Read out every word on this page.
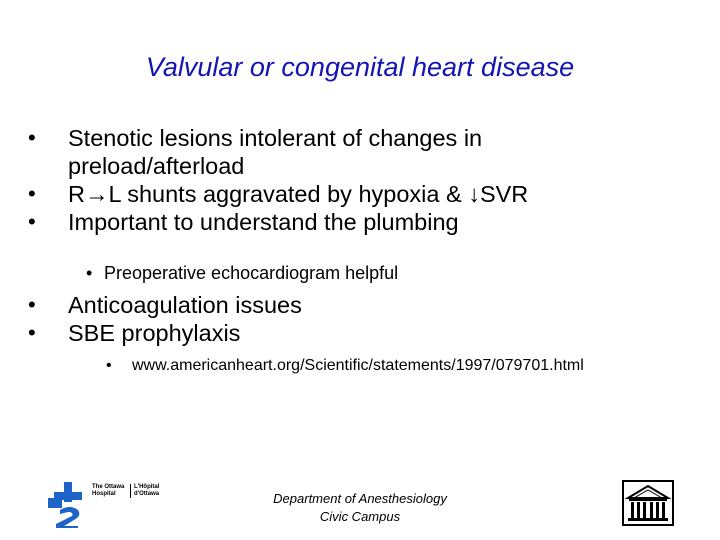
Valvular or congenital heart disease
• Stenotic lesions intolerant of changes in
preload/afterload
• R→L shunts aggravated by hypoxia & ↓SVR
• Important to understand the plumbing
• Preoperative echocardiogram helpful
• Anticoagulation issues
• SBE prophylaxis
• www.americanheart.org/Scientific/statements/1997/079701.html
The Ottawa
Hospital
L'Hôpital
d'Ottawa	Department of Anesthesiology
Civic Campus
